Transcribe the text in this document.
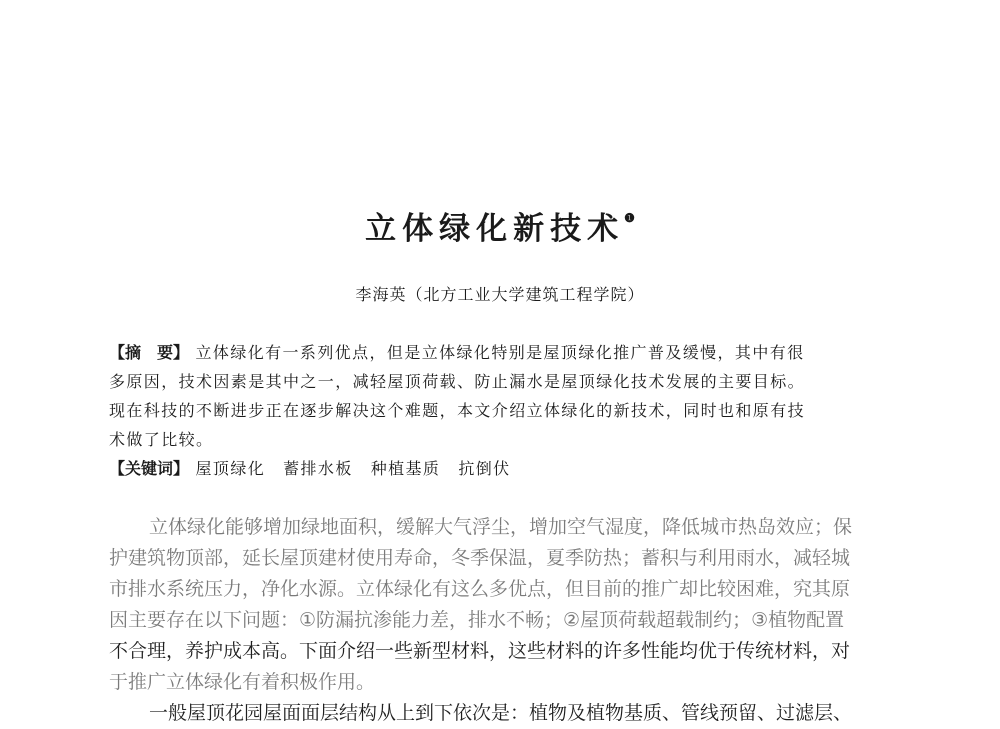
立体绿化新技术$^❶$
李海英（北方工业大学建筑工程学院）
【摘　要】 立体绿化有一系列优点，但是立体绿化特别是屋顶绿化推广普及缓慢，其中有很
多原因，技术因素是其中之一，减轻屋顶荷载、防止漏水是屋顶绿化技术发展的主要目标。
现在科技的不断进步正在逐步解决这个难题，本文介绍立体绿化的新技术，同时也和原有技
术做了比较。
【关键词】 屋顶绿化 蓄排水板 种植基质 抗倒伏
立体绿化能够增加绿地面积，缓解大气浮尘，增加空气湿度，降低城市热岛效应；保
护建筑物顶部，延长屋顶建材使用寿命，冬季保温，夏季防热；蓄积与利用雨水，减轻城
市排水系统压力，净化水源。立体绿化有这么多优点，但目前的推广却比较困难，究其原
因主要存在以下问题：①防漏抗渗能力差，排水不畅；②屋顶荷载超载制约；③植物配置
不合理，养护成本高。下面介绍一些新型材料，这些材料的许多性能均优于传统材料，对
于推广立体绿化有着积极作用。
一般屋顶花园屋面面层结构从上到下依次是：植物及植物基质、管线预留、过滤层、
